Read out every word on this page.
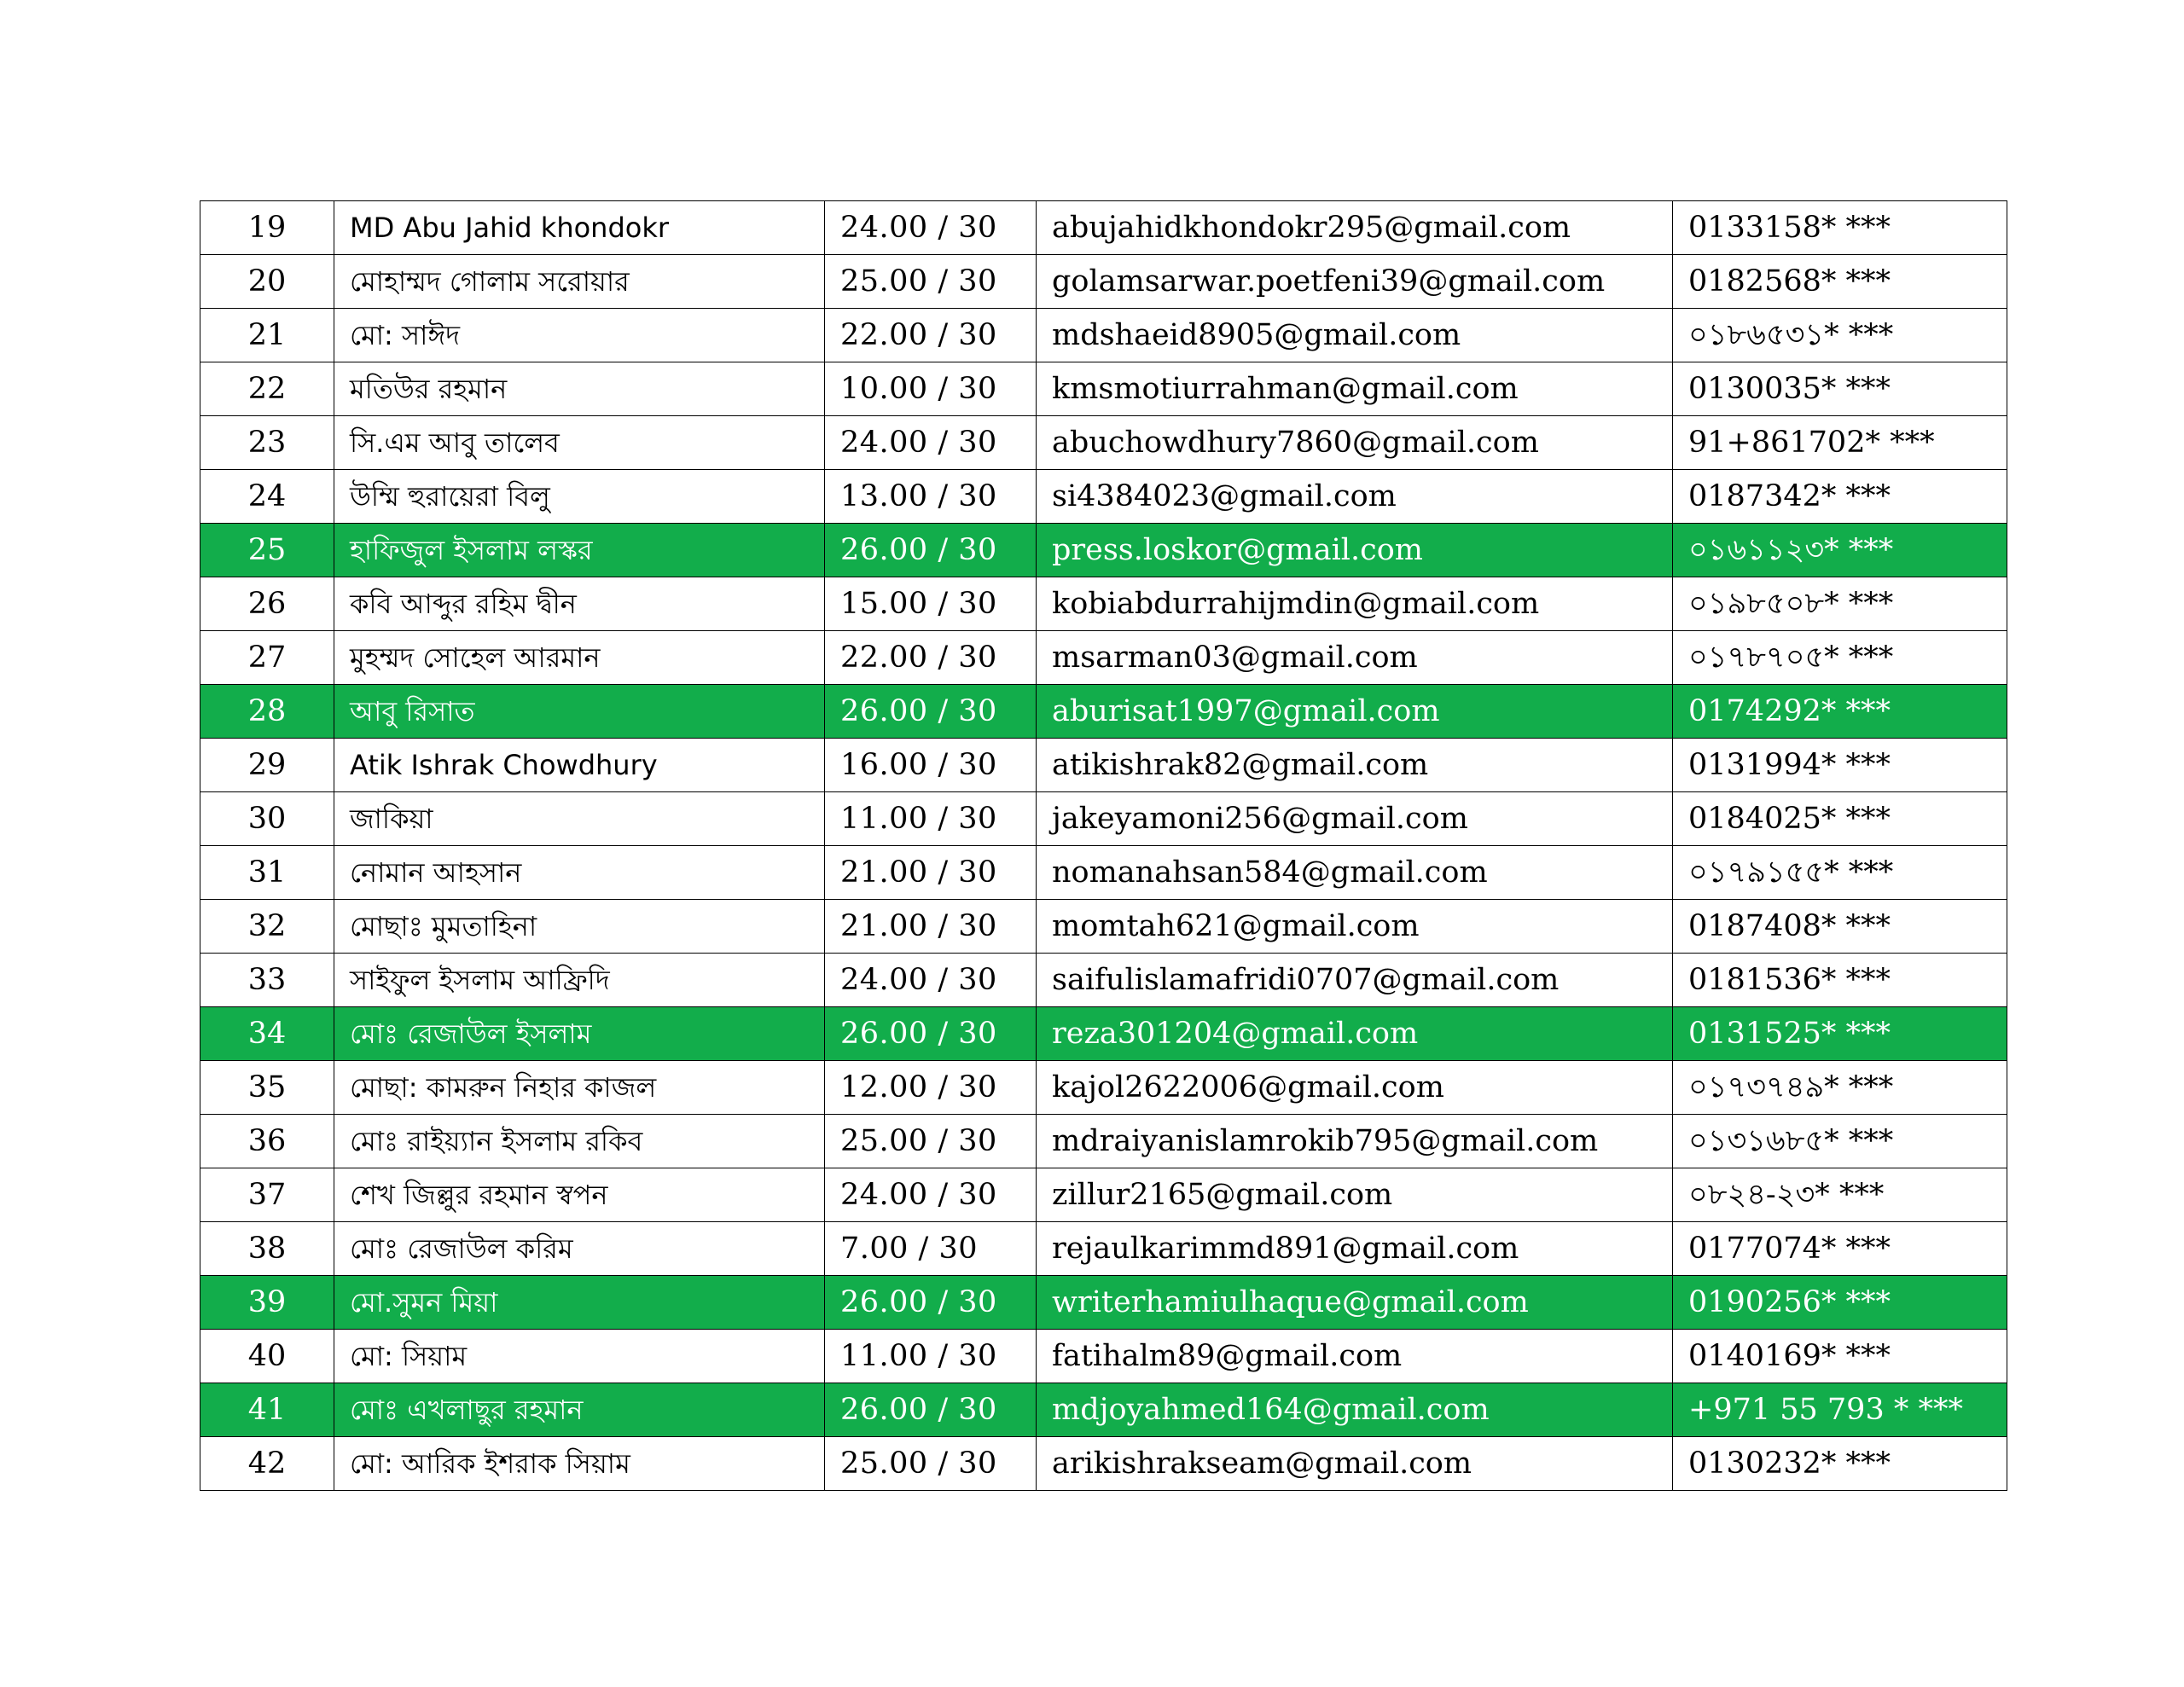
19	MD Abu Jahid khondokr	24.00 / 30	abujahidkhondokr295@gmail.com	0133158* ***
20	মোহাম্মদ গোলাম সরোয়ার	25.00 / 30	golamsarwar.poetfeni39@gmail.com	0182568* ***
21	মো: সাঈদ	22.00 / 30	mdshaeid8905@gmail.com	০১৮৬৫৩১* ***
22	মতিউর রহমান	10.00 / 30	kmsmotiurrahman@gmail.com	0130035* ***
23	সি.এম আবু তালেব	24.00 / 30	abuchowdhury7860@gmail.com	91+861702* ***
24	উম্মি হুরায়েরা বিলু	13.00 / 30	si4384023@gmail.com	0187342* ***
25	হাফিজুল ইসলাম লস্কর	26.00 / 30	press.loskor@gmail.com	০১৬১১২৩* ***
26	কবি আব্দুর রহিম দ্বীন	15.00 / 30	kobiabdurrahijmdin@gmail.com	০১৯৮৫০৮* ***
27	মুহম্মদ সোহেল আরমান	22.00 / 30	msarman03@gmail.com	০১৭৮৭০৫* ***
28	আবু রিসাত	26.00 / 30	aburisat1997@gmail.com	0174292* ***
29	Atik Ishrak Chowdhury	16.00 / 30	atikishrak82@gmail.com	0131994* ***
30	জাকিয়া	11.00 / 30	jakeyamoni256@gmail.com	0184025* ***
31	নোমান আহসান	21.00 / 30	nomanahsan584@gmail.com	০১৭৯১৫৫* ***
32	মোছাঃ মুমতাহিনা	21.00 / 30	momtah621@gmail.com	0187408* ***
33	সাইফুল ইসলাম আফ্রিদি	24.00 / 30	saifulislamafridi0707@gmail.com	0181536* ***
34	মোঃ রেজাউল ইসলাম	26.00 / 30	reza301204@gmail.com	0131525* ***
35	মোছা: কামরুন নিহার কাজল	12.00 / 30	kajol2622006@gmail.com	০১৭৩৭৪৯* ***
36	মোঃ রাইয়্যান ইসলাম রকিব	25.00 / 30	mdraiyanislamrokib795@gmail.com	০১৩১৬৮৫* ***
37	শেখ জিল্লুর রহমান স্বপন	24.00 / 30	zillur2165@gmail.com	০৮২৪-২৩* ***
38	মোঃ রেজাউল করিম	7.00 / 30	rejaulkarimmd891@gmail.com	0177074* ***
39	মো.সুমন মিয়া	26.00 / 30	writerhamiulhaque@gmail.com	0190256* ***
40	মো: সিয়াম	11.00 / 30	fatihalm89@gmail.com	0140169* ***
41	মোঃ এখলাছুর রহমান	26.00 / 30	mdjoyahmed164@gmail.com	+971 55 793 * ***
42	মো: আরিক ইশরাক সিয়াম	25.00 / 30	arikishrakseam@gmail.com	0130232* ***
